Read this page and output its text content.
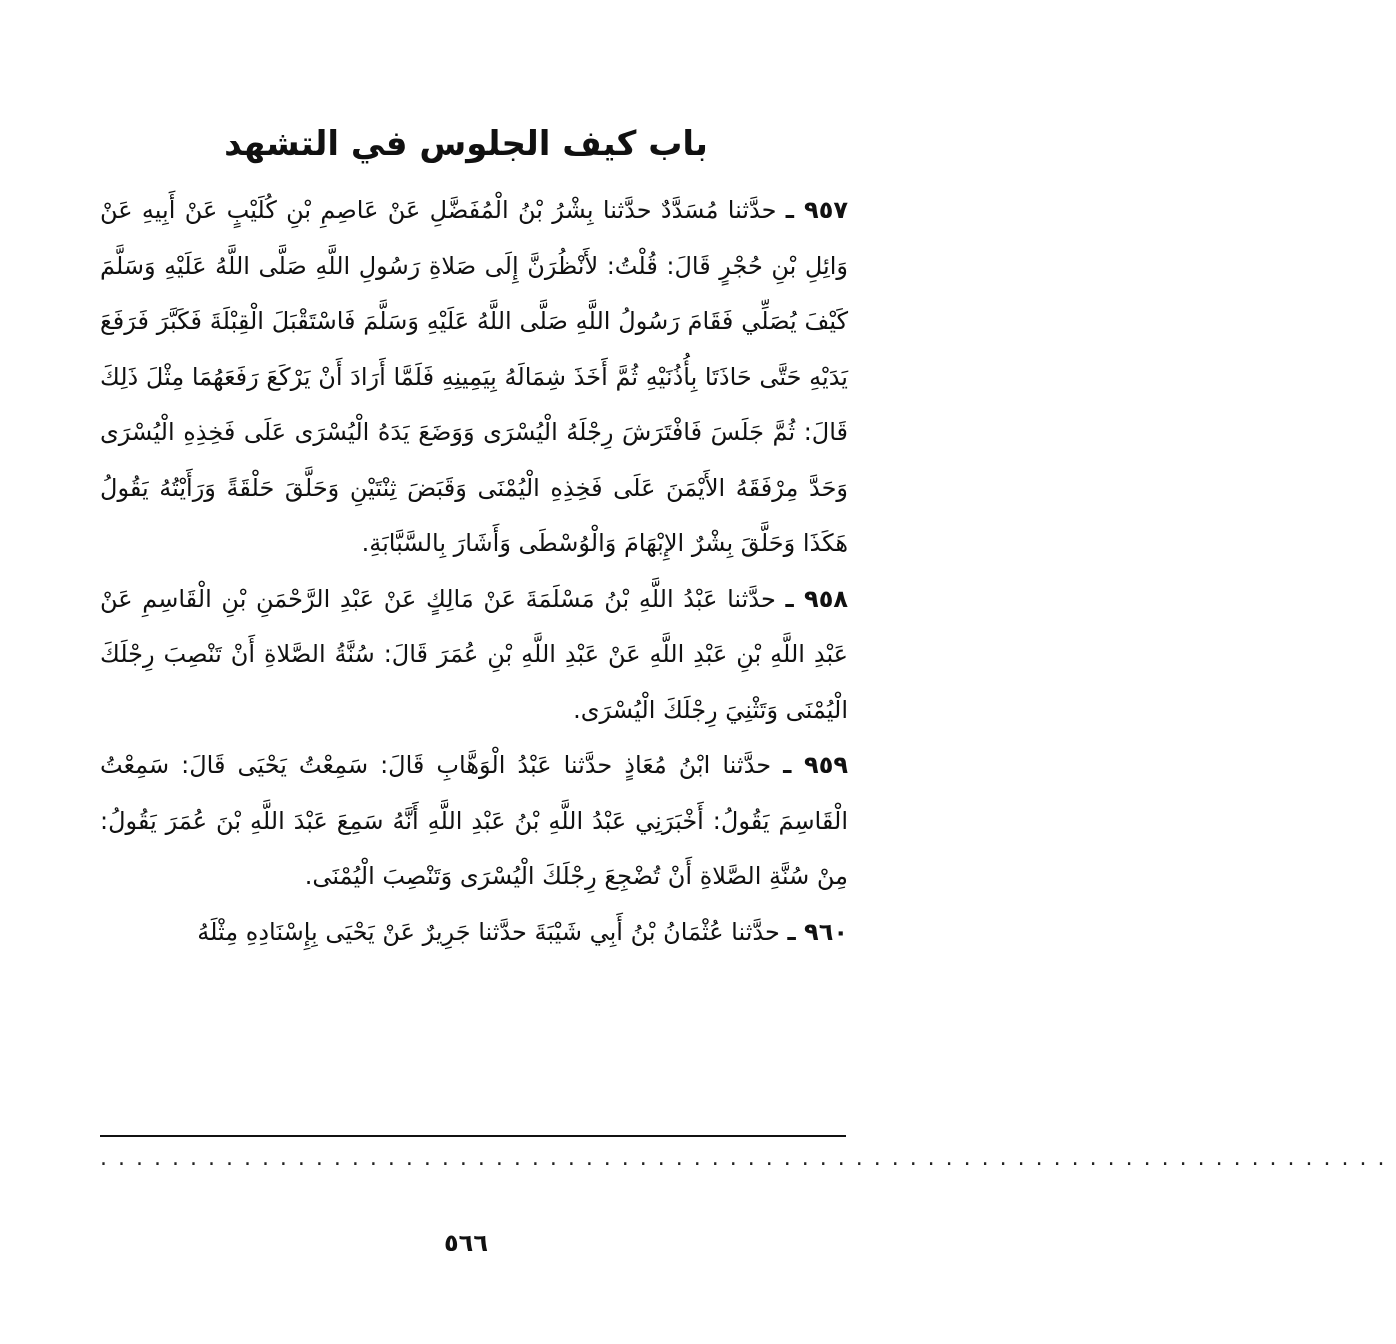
باب كيف الجلوس في التشهد

٩٥٧ ـ حدَّثنا مُسَدَّدٌ حدَّثنا بِشْرُ بْنُ الْمُفَضَّلِ عَنْ عَاصِمِ بْنِ كُلَيْبٍ عَنْ أَبِيهِ عَنْ وَائِلِ بْنِ حُجْرٍ قَالَ: قُلْتُ: لأَنْظُرَنَّ إِلَى صَلاةِ رَسُولِ اللَّهِ صَلَّى اللَّهُ عَلَيْهِ وَسَلَّمَ كَيْفَ يُصَلِّي فَقَامَ رَسُولُ اللَّهِ صَلَّى اللَّهُ عَلَيْهِ وَسَلَّمَ فَاسْتَقْبَلَ الْقِبْلَةَ فَكَبَّرَ فَرَفَعَ يَدَيْهِ حَتَّى حَاذَتَا بِأُذُنَيْهِ ثُمَّ أَخَذَ شِمَالَهُ بِيَمِينِهِ فَلَمَّا أَرَادَ أَنْ يَرْكَعَ رَفَعَهُمَا مِثْلَ ذَلِكَ قَالَ: ثُمَّ جَلَسَ فَافْتَرَشَ رِجْلَهُ الْيُسْرَى وَوَضَعَ يَدَهُ الْيُسْرَى عَلَى فَخِذِهِ الْيُسْرَى وَحَدَّ مِرْفَقَهُ الأَيْمَنَ عَلَى فَخِذِهِ الْيُمْنَى وَقَبَضَ ثِنْتَيْنِ وَحَلَّقَ حَلْقَةً وَرَأَيْتُهُ يَقُولُ هَكَذَا وَحَلَّقَ بِشْرٌ الإِبْهَامَ وَالْوُسْطَى وَأَشَارَ بِالسَّبَّابَةِ.

٩٥٨ ـ حدَّثنا عَبْدُ اللَّهِ بْنُ مَسْلَمَةَ عَنْ مَالِكٍ عَنْ عَبْدِ الرَّحْمَنِ بْنِ الْقَاسِمِ عَنْ عَبْدِ اللَّهِ بْنِ عَبْدِ اللَّهِ عَنْ عَبْدِ اللَّهِ بْنِ عُمَرَ قَالَ: سُنَّةُ الصَّلاةِ أَنْ تَنْصِبَ رِجْلَكَ الْيُمْنَى وَتَثْنِيَ رِجْلَكَ الْيُسْرَى.

٩٥٩ ـ حدَّثنا ابْنُ مُعَاذٍ حدَّثنا عَبْدُ الْوَهَّابِ قَالَ: سَمِعْتُ يَحْيَى قَالَ: سَمِعْتُ الْقَاسِمَ يَقُولُ: أَخْبَرَنِي عَبْدُ اللَّهِ بْنُ عَبْدِ اللَّهِ أَنَّهُ سَمِعَ عَبْدَ اللَّهِ بْنَ عُمَرَ يَقُولُ: مِنْ سُنَّةِ الصَّلاةِ أَنْ تُضْجِعَ رِجْلَكَ الْيُسْرَى وَتَنْصِبَ الْيُمْنَى.

٩٦٠ ـ حدَّثنا عُثْمَانُ بْنُ أَبِي شَيْبَةَ حدَّثنا جَرِيرٌ عَنْ يَحْيَى بِإِسْنَادِهِ مِثْلَهُ

........................................................................
٥٦٦
